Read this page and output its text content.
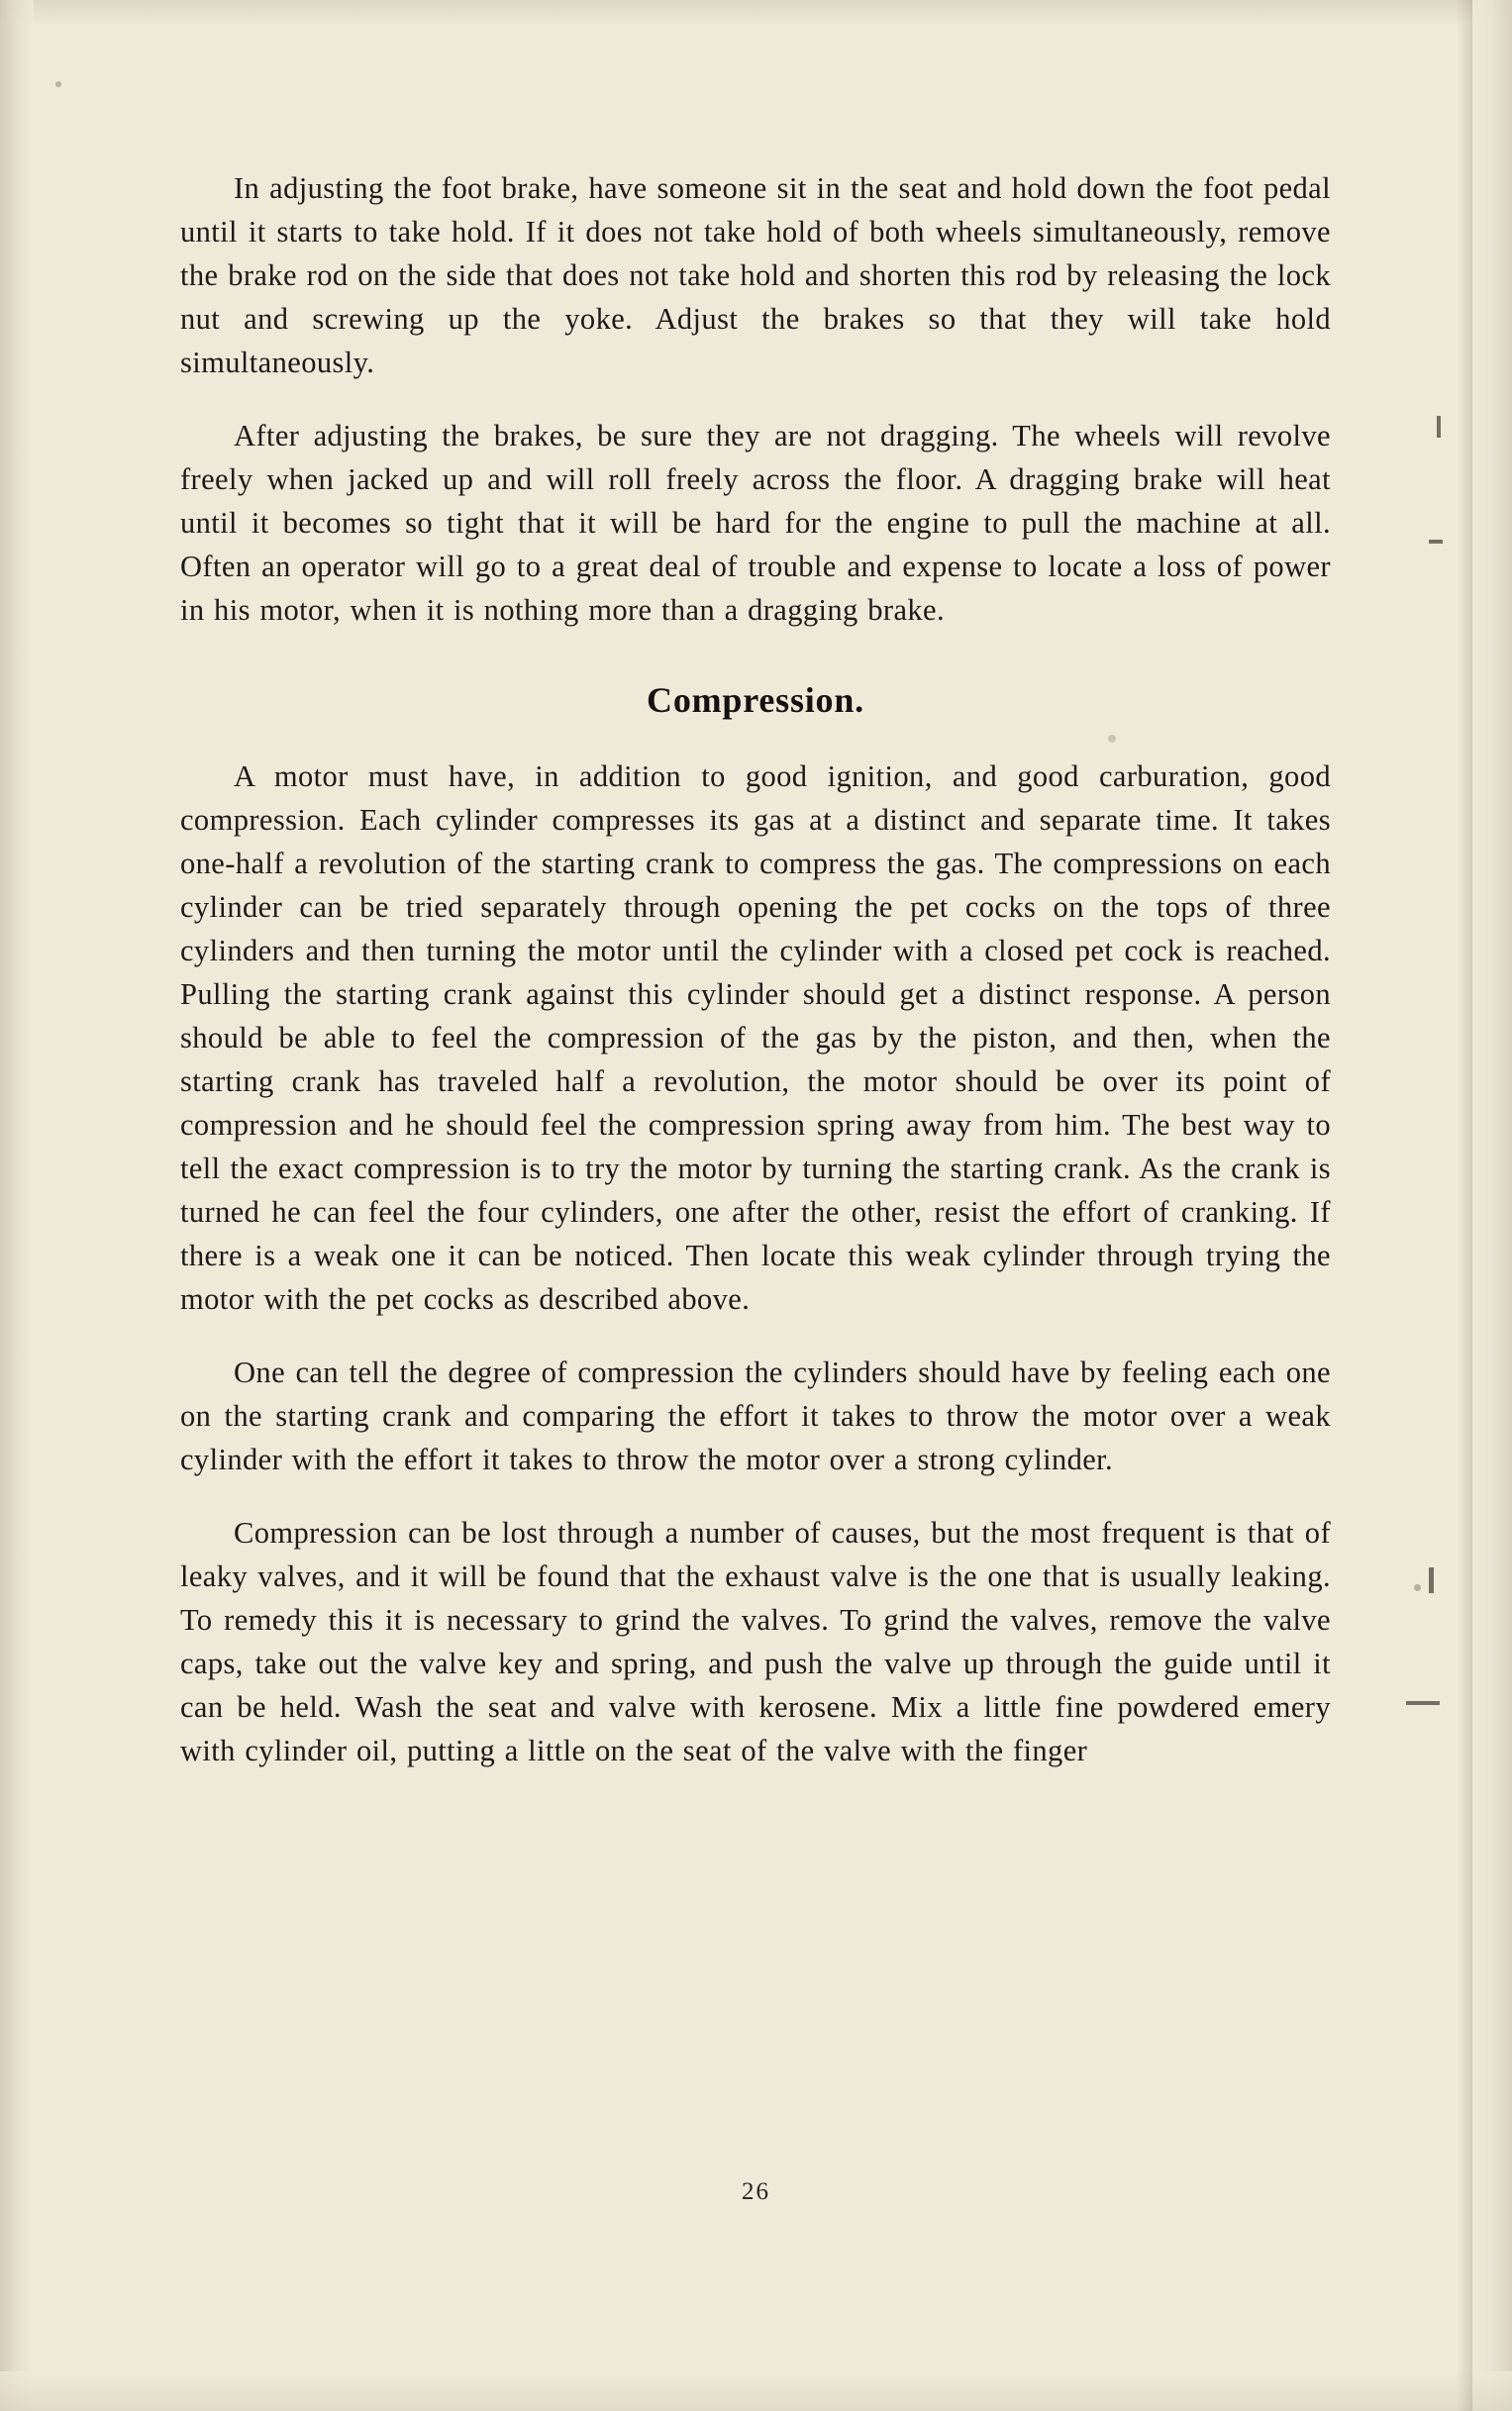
In adjusting the foot brake, have someone sit in the seat and hold down the foot pedal until it starts to take hold. If it does not take hold of both wheels simultaneously, remove the brake rod on the side that does not take hold and shorten this rod by releasing the lock nut and screwing up the yoke. Adjust the brakes so that they will take hold simultaneously.

After adjusting the brakes, be sure they are not dragging. The wheels will revolve freely when jacked up and will roll freely across the floor. A dragging brake will heat until it becomes so tight that it will be hard for the engine to pull the machine at all. Often an operator will go to a great deal of trouble and expense to locate a loss of power in his motor, when it is nothing more than a dragging brake.

Compression.

A motor must have, in addition to good ignition, and good carburation, good compression. Each cylinder compresses its gas at a distinct and separate time. It takes one-half a revolution of the starting crank to compress the gas. The compressions on each cylinder can be tried separately through opening the pet cocks on the tops of three cylinders and then turning the motor until the cylinder with a closed pet cock is reached. Pulling the starting crank against this cylinder should get a distinct response. A person should be able to feel the compression of the gas by the piston, and then, when the starting crank has traveled half a revolution, the motor should be over its point of compression and he should feel the compression spring away from him. The best way to tell the exact compression is to try the motor by turning the starting crank. As the crank is turned he can feel the four cylinders, one after the other, resist the effort of cranking. If there is a weak one it can be noticed. Then locate this weak cylinder through trying the motor with the pet cocks as described above.

One can tell the degree of compression the cylinders should have by feeling each one on the starting crank and comparing the effort it takes to throw the motor over a weak cylinder with the effort it takes to throw the motor over a strong cylinder.

Compression can be lost through a number of causes, but the most frequent is that of leaky valves, and it will be found that the exhaust valve is the one that is usually leaking. To remedy this it is necessary to grind the valves. To grind the valves, remove the valve caps, take out the valve key and spring, and push the valve up through the guide until it can be held. Wash the seat and valve with kerosene. Mix a little fine powdered emery with cylinder oil, putting a little on the seat of the valve with the finger

26
